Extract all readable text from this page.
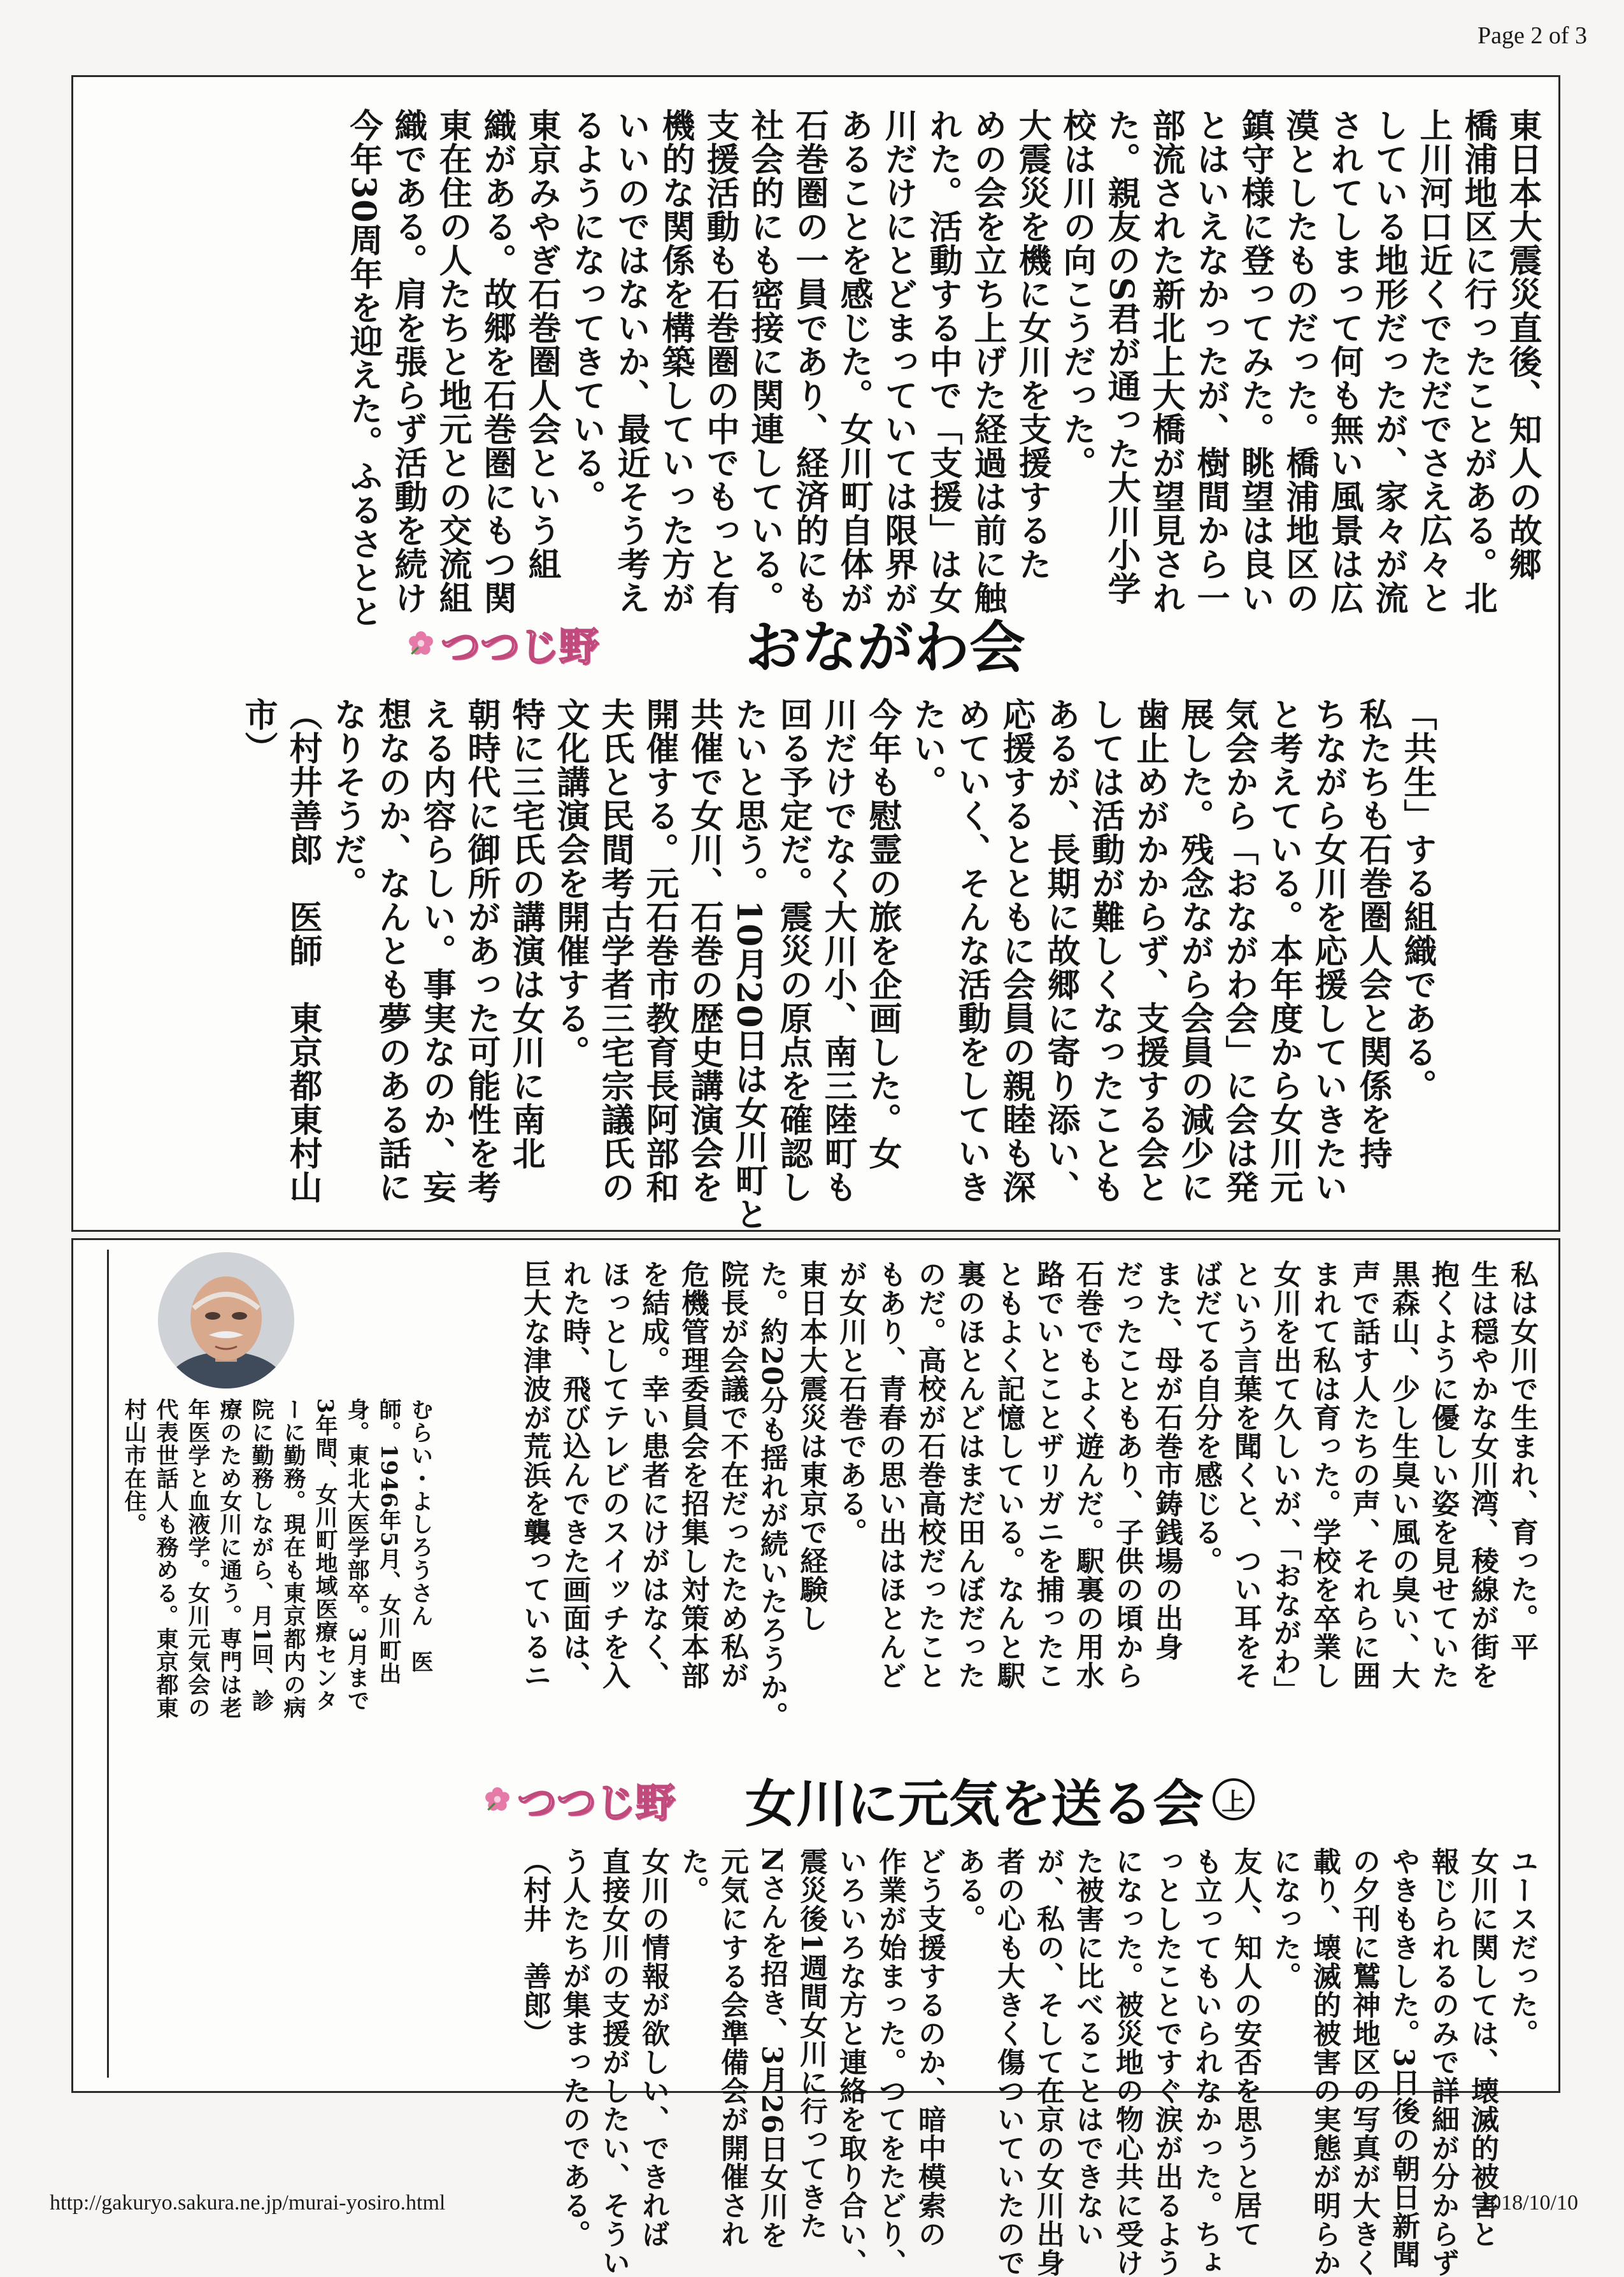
Page 2 of 3
東日本大震災直後、知人の故郷
橋浦地区に行ったことがある。北
上川河口近くでただでさえ広々と
している地形だったが、家々が流
されてしまって何も無い風景は広
漠としたものだった。橋浦地区の
鎮守様に登ってみた。眺望は良い
とはいえなかったが、樹間から一
部流された新北上大橋が望見され
た。親友のS君が通った大川小学
校は川の向こうだった。
大震災を機に女川を支援するた
めの会を立ち上げた経過は前に触
れた。活動する中で「支援」は女
川だけにとどまっていては限界が
あることを感じた。女川町自体が
石巻圏の一員であり、経済的にも
社会的にも密接に関連している。
支援活動も石巻圏の中でもっと有
機的な関係を構築していった方が
いいのではないか、最近そう考え
るようになってきている。
東京みやぎ石巻圏人会という組
織がある。故郷を石巻圏にもつ関
東在住の人たちと地元との交流組
織である。肩を張らず活動を続け
今年30周年を迎えた。ふるさとと
つつじ野	おながわ会
「共生」する組織である。
私たちも石巻圏人会と関係を持
ちながら女川を応援していきたい
と考えている。本年度から女川元
気会から「おながわ会」に会は発
展した。残念ながら会員の減少に
歯止めがかからず、支援する会と
しては活動が難しくなったことも
あるが、長期に故郷に寄り添い、
応援するとともに会員の親睦も深
めていく、そんな活動をしていき
たい。
今年も慰霊の旅を企画した。女
川だけでなく大川小、南三陸町も
回る予定だ。震災の原点を確認し
たいと思う。10月20日は女川町と
共催で女川、石巻の歴史講演会を
開催する。元石巻市教育長阿部和
夫氏と民間考古学者三宅宗議氏の
文化講演会を開催する。
特に三宅氏の講演は女川に南北
朝時代に御所があった可能性を考
える内容らしい。事実なのか、妄
想なのか、なんとも夢のある話に
なりそうだ。
（村井善郎　医師　東京都東村山
市）
私は女川で生まれ、育った。平
生は穏やかな女川湾、稜線が街を
抱くように優しい姿を見せていた
黒森山、少し生臭い風の臭い、大
声で話す人たちの声、それらに囲
まれて私は育った。学校を卒業し
女川を出て久しいが、「おながわ」
という言葉を聞くと、つい耳をそ
ばだてる自分を感じる。
また、母が石巻市鋳銭場の出身
だったこともあり、子供の頃から
石巻でもよく遊んだ。駅裏の用水
路でいとことザリガニを捕ったこ
ともよく記憶している。なんと駅
裏のほとんどはまだ田んぼだった
のだ。高校が石巻高校だったこと
もあり、青春の思い出はほとんど
が女川と石巻である。
東日本大震災は東京で経験し
た。約20分も揺れが続いたろうか。
院長が会議で不在だったため私が
危機管理委員会を招集し対策本部
を結成。幸い患者にけがはなく、
ほっとしてテレビのスイッチを入
れた時、飛び込んできた画面は、
巨大な津波が荒浜を襲っているニ
つつじ野 女川に元気を送る会 上
ユースだった。
女川に関しては、壊滅的被害と
報じられるのみで詳細が分からず
やきもきした。3日後の朝日新聞
の夕刊に鷲神地区の写真が大きく
載り、壊滅的被害の実態が明らか
になった。
友人、知人の安否を思うと居て
も立ってもいられなかった。ちょ
っとしたことですぐ涙が出るよう
になった。被災地の物心共に受け
た被害に比べることはできない
が、私の、そして在京の女川出身
者の心も大きく傷ついていたので
ある。
どう支援するのか、暗中模索の
作業が始まった。つてをたどり、
いろいろな方と連絡を取り合い、
震災後1週間女川に行ってきた
Nさんを招き、3月26日女川を
元気にする会準備会が開催され
た。
女川の情報が欲しい、できれば
直接女川の支援がしたい、そうい
う人たちが集まったのである。
（村井　善郎）
むらい・よしろうさん　医
師。1946年5月、女川町出
身。東北大医学部卒。3月まで
3年間、女川町地域医療センタ
ーに勤務。現在も東京都内の病
院に勤務しながら、月1回、診
療のため女川に通う。専門は老
年医学と血液学。女川元気会の
代表世話人も務める。東京都東
村山市在住。
http://gakuryo.sakura.ne.jp/murai-yosiro.html	2018/10/10
